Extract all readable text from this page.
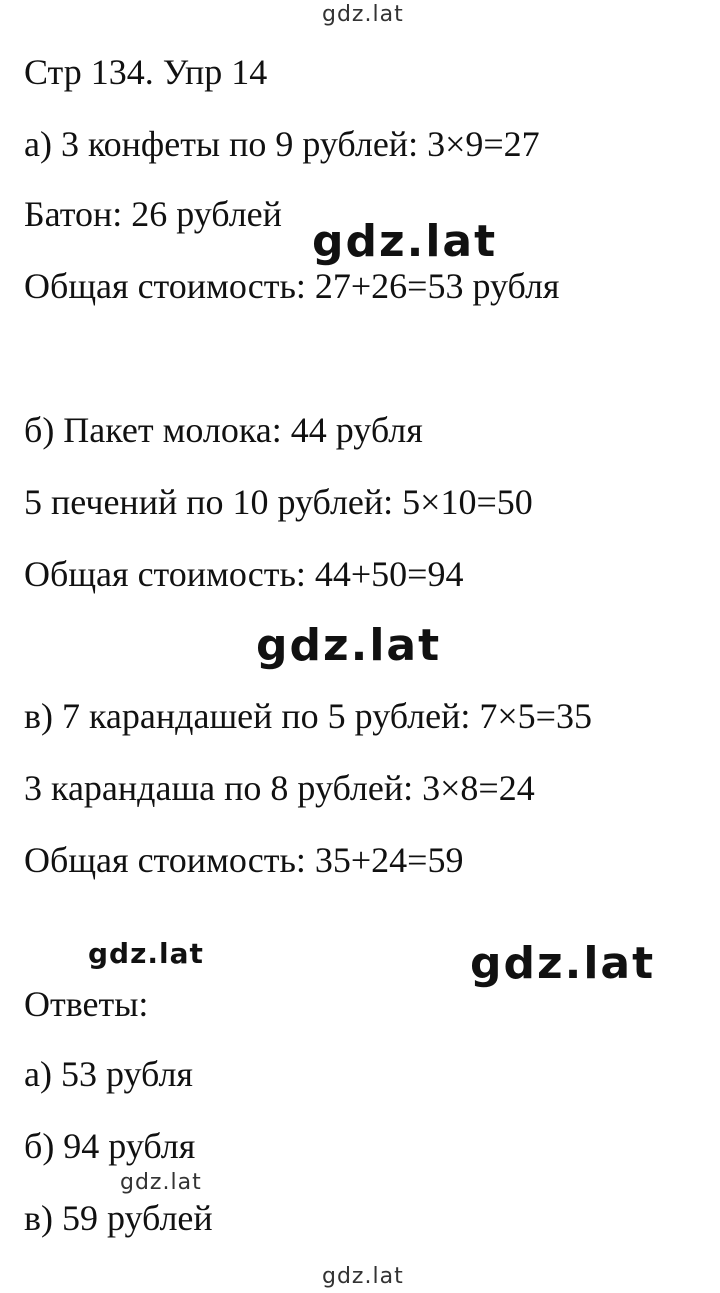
gdz.lat
Стр 134. Упр 14
а) 3 конфеты по 9 рублей: 3×9=27
Батон: 26 рублей
gdz.lat
Общая стоимость: 27+26=53 рубля
б) Пакет молока: 44 рубля
5 печений по 10 рублей: 5×10=50
Общая стоимость: 44+50=94
gdz.lat
в) 7 карандашей по 5 рублей: 7×5=35
3 карандаша по 8 рублей: 3×8=24
Общая стоимость: 35+24=59
gdz.lat	gdz.lat
Ответы:
а) 53 рубля
б) 94 рубля
gdz.lat
в) 59 рублей
gdz.lat
